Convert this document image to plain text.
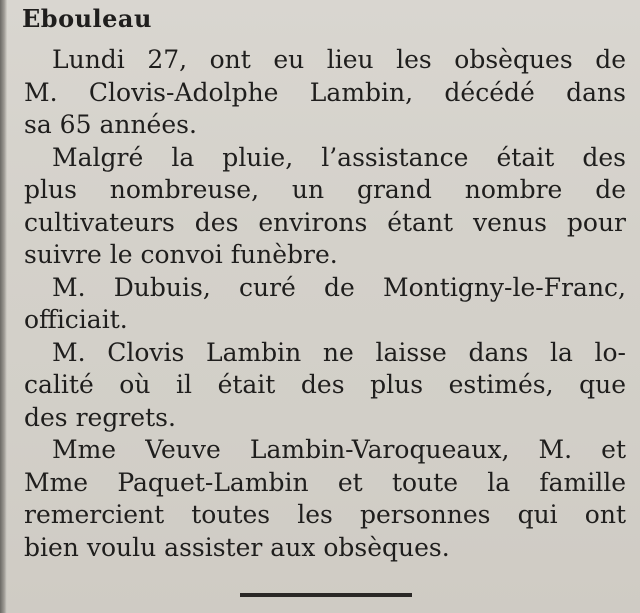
Ebouleau

Lundi 27, ont eu lieu les obsèques de

M. Clovis-Adolphe Lambin, décédé dans

sa 65 années.

Malgré la pluie, l’assistance était des

plus nombreuse, un grand nombre de

cultivateurs des environs étant venus pour

suivre le convoi funèbre.

M. Dubuis, curé de Montigny-le-Franc,

officiait.

M. Clovis Lambin ne laisse dans la lo-

calité où il était des plus estimés, que

des regrets.

Mme Veuve Lambin-Varoqueaux, M. et

Mme Paquet-Lambin et toute la famille

remercient toutes les personnes qui ont

bien voulu assister aux obsèques.
